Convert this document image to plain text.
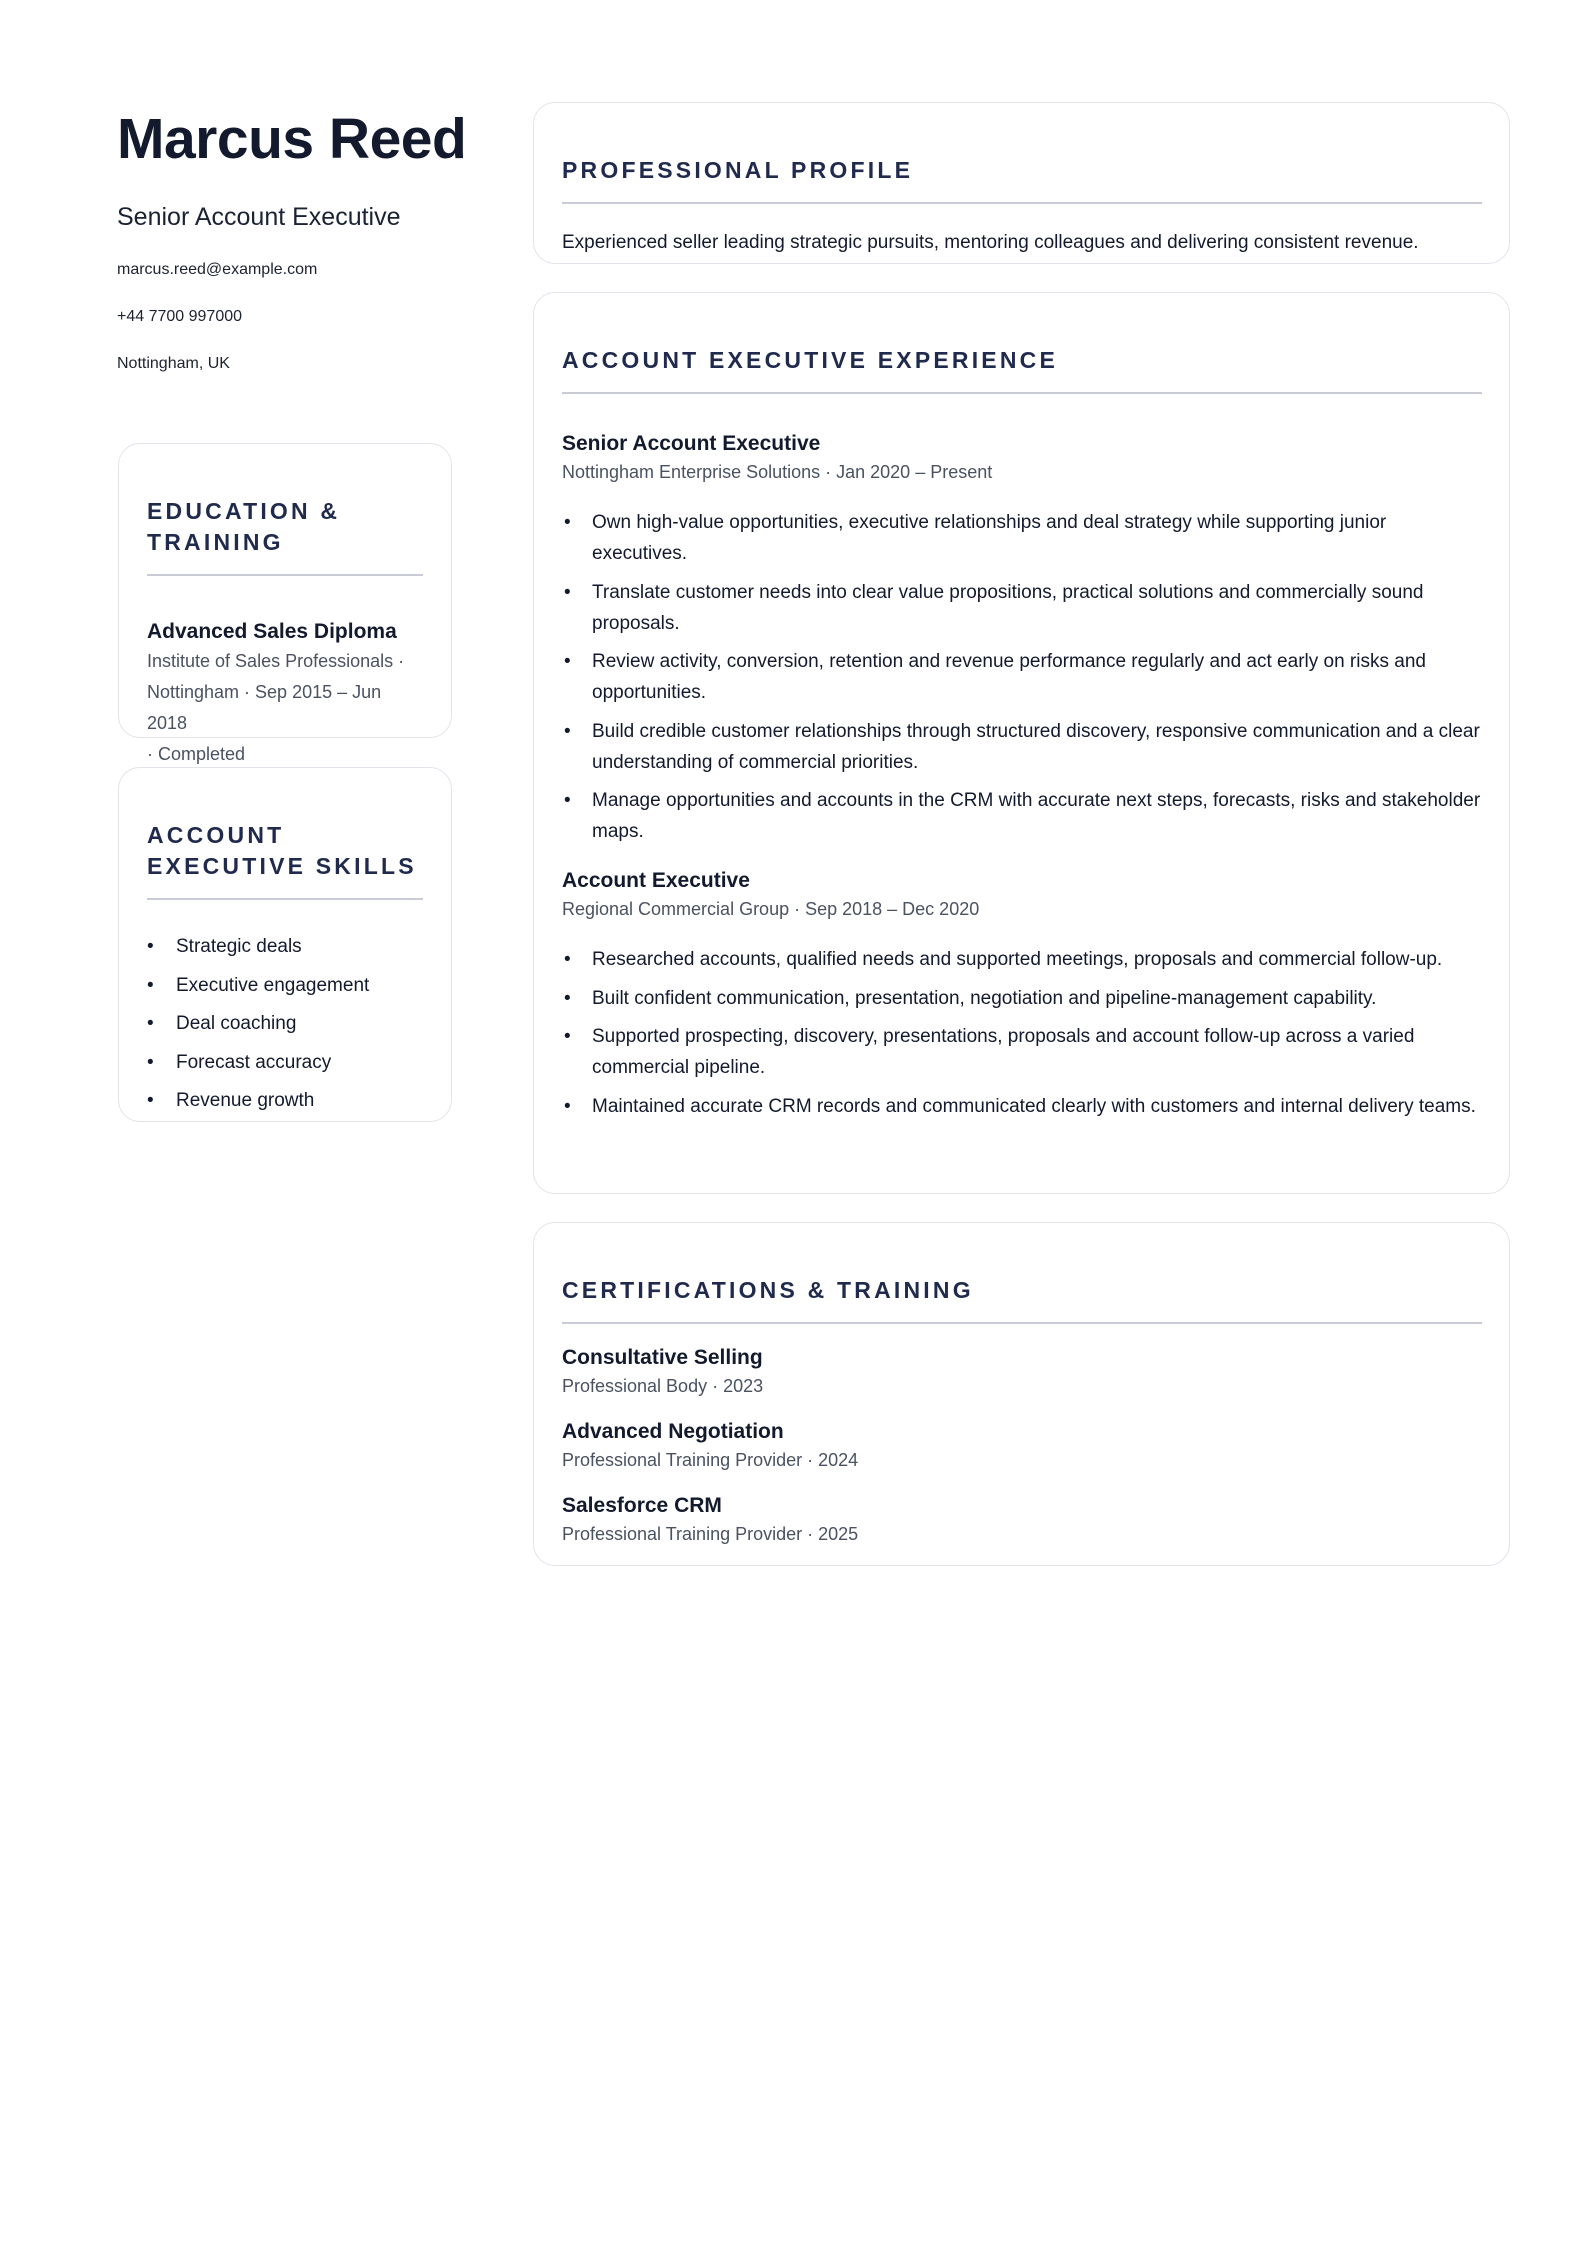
Marcus Reed
Senior Account Executive
marcus.reed@example.com
+44 7700 997000
Nottingham, UK
EDUCATION &
TRAINING
Advanced Sales Diploma
Institute of Sales Professionals ·
Nottingham · Sep 2015 – Jun 2018
· Completed
ACCOUNT
EXECUTIVE SKILLS
• Strategic deals
• Executive engagement
• Deal coaching
• Forecast accuracy
• Revenue growth
PROFESSIONAL PROFILE

Experienced seller leading strategic pursuits, mentoring colleagues and delivering consistent revenue.

ACCOUNT EXECUTIVE EXPERIENCE
Senior Account Executive
Nottingham Enterprise Solutions · Jan 2020 – Present
• Own high-value opportunities, executive relationships and deal strategy while supporting junior executives.
• Translate customer needs into clear value propositions, practical solutions and commercially sound proposals.
• Review activity, conversion, retention and revenue performance regularly and act early on risks and opportunities.
• Build credible customer relationships through structured discovery, responsive communication and a clear understanding of commercial priorities.
• Manage opportunities and accounts in the CRM with accurate next steps, forecasts, risks and stakeholder maps.
Account Executive
Regional Commercial Group · Sep 2018 – Dec 2020
• Researched accounts, qualified needs and supported meetings, proposals and commercial follow-up.
• Built confident communication, presentation, negotiation and pipeline-management capability.
• Supported prospecting, discovery, presentations, proposals and account follow-up across a varied commercial pipeline.
• Maintained accurate CRM records and communicated clearly with customers and internal delivery teams.
CERTIFICATIONS & TRAINING
Consultative Selling
Professional Body · 2023
Advanced Negotiation
Professional Training Provider · 2024
Salesforce CRM
Professional Training Provider · 2025
